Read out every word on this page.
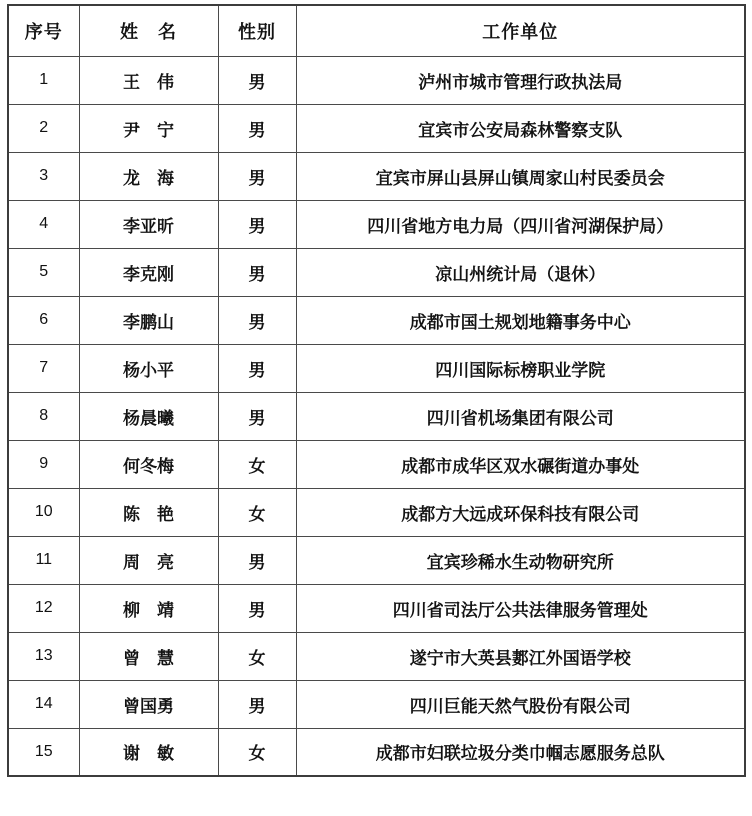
序号	姓　名	性别	工作单位
1	王　伟	男	泸州市城市管理行政执法局
2	尹　宁	男	宜宾市公安局森林警察支队
3	龙　海	男	宜宾市屏山县屏山镇周家山村民委员会
4	李亚昕	男	四川省地方电力局（四川省河湖保护局）
5	李克刚	男	凉山州统计局（退休）
6	李鹏山	男	成都市国土规划地籍事务中心
7	杨小平	男	四川国际标榜职业学院
8	杨晨曦	男	四川省机场集团有限公司
9	何冬梅	女	成都市成华区双水碾街道办事处
10	陈　艳	女	成都方大远成环保科技有限公司
11	周　亮	男	宜宾珍稀水生动物研究所
12	柳　靖	男	四川省司法厅公共法律服务管理处
13	曾　慧	女	遂宁市大英县郪江外国语学校
14	曾国勇	男	四川巨能天然气股份有限公司
15	谢　敏	女	成都市妇联垃圾分类巾帼志愿服务总队
